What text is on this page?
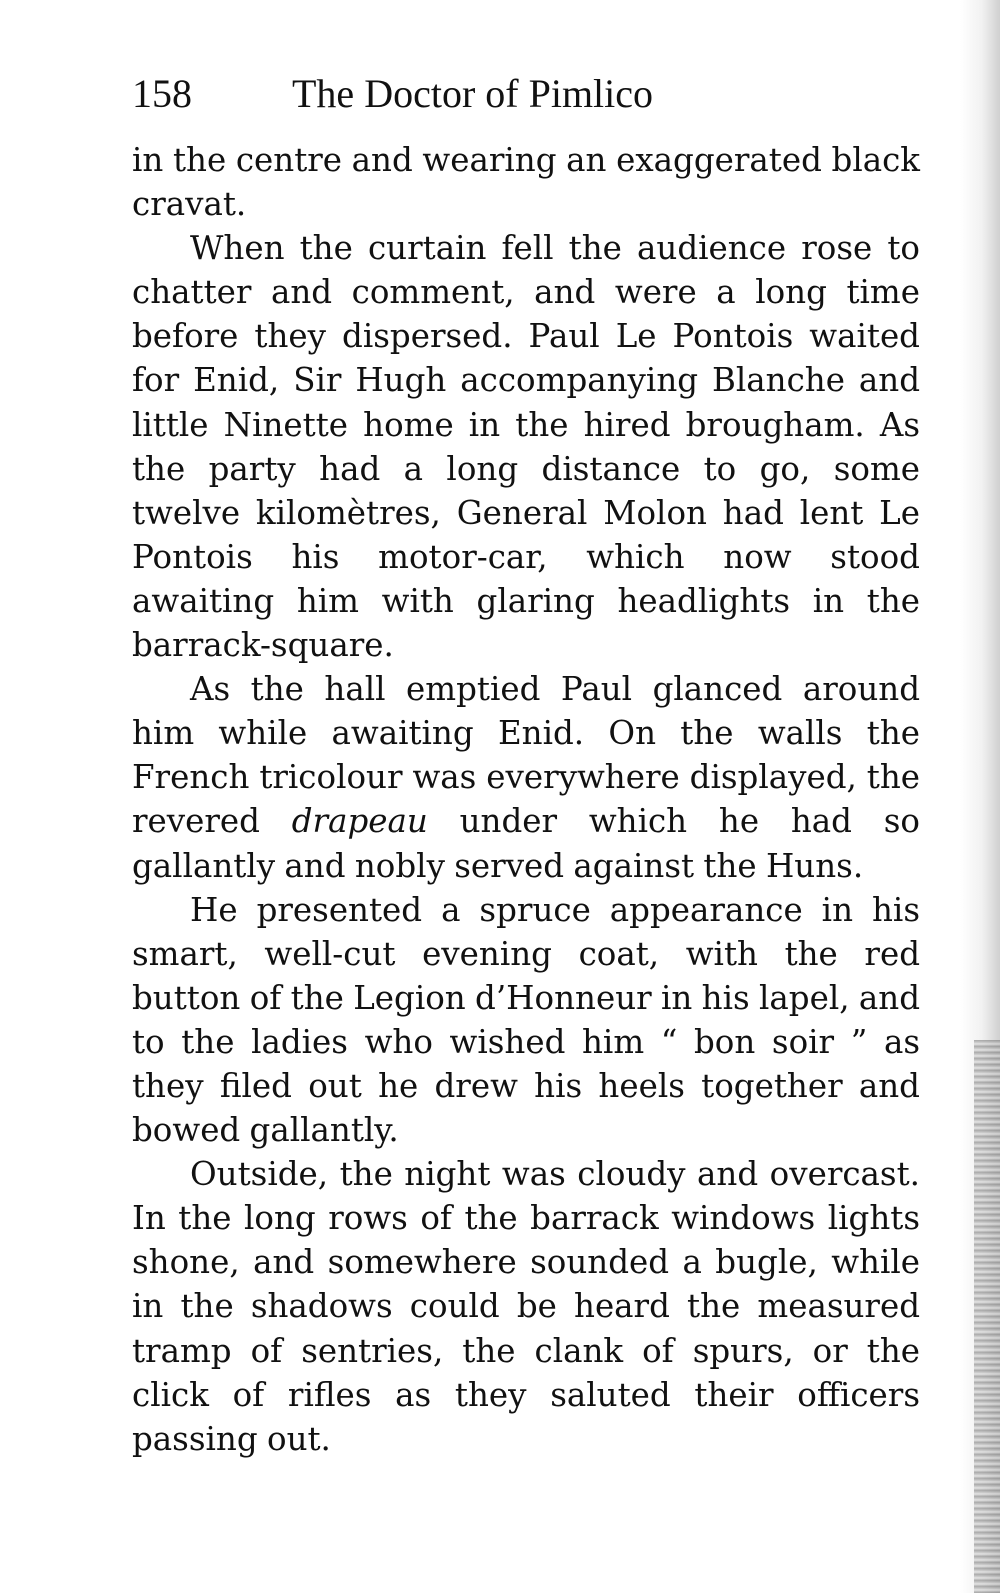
158	The Doctor of Pimlico

in the centre and wearing an exaggerated black cravat.

When the curtain fell the audience rose to chatter and comment, and were a long time before they dispersed. Paul Le Pontois waited for Enid, Sir Hugh accompanying Blanche and little Ninette home in the hired brougham. As the party had a long distance to go, some twelve kilomètres, General Molon had lent Le Pontois his motor-car, which now stood awaiting him with glaring headlights in the barrack-square.

As the hall emptied Paul glanced around him while awaiting Enid. On the walls the French tricolour was everywhere displayed, the revered drapeau under which he had so gallantly and nobly served against the Huns.

He presented a spruce appearance in his smart, well-cut evening coat, with the red button of the Legion d’Honneur in his lapel, and to the ladies who wished him “ bon soir ” as they filed out he drew his heels together and bowed gallantly.

Outside, the night was cloudy and overcast. In the long rows of the barrack windows lights shone, and somewhere sounded a bugle, while in the shadows could be heard the measured tramp of sentries, the clank of spurs, or the click of rifles as they saluted their officers passing out.
